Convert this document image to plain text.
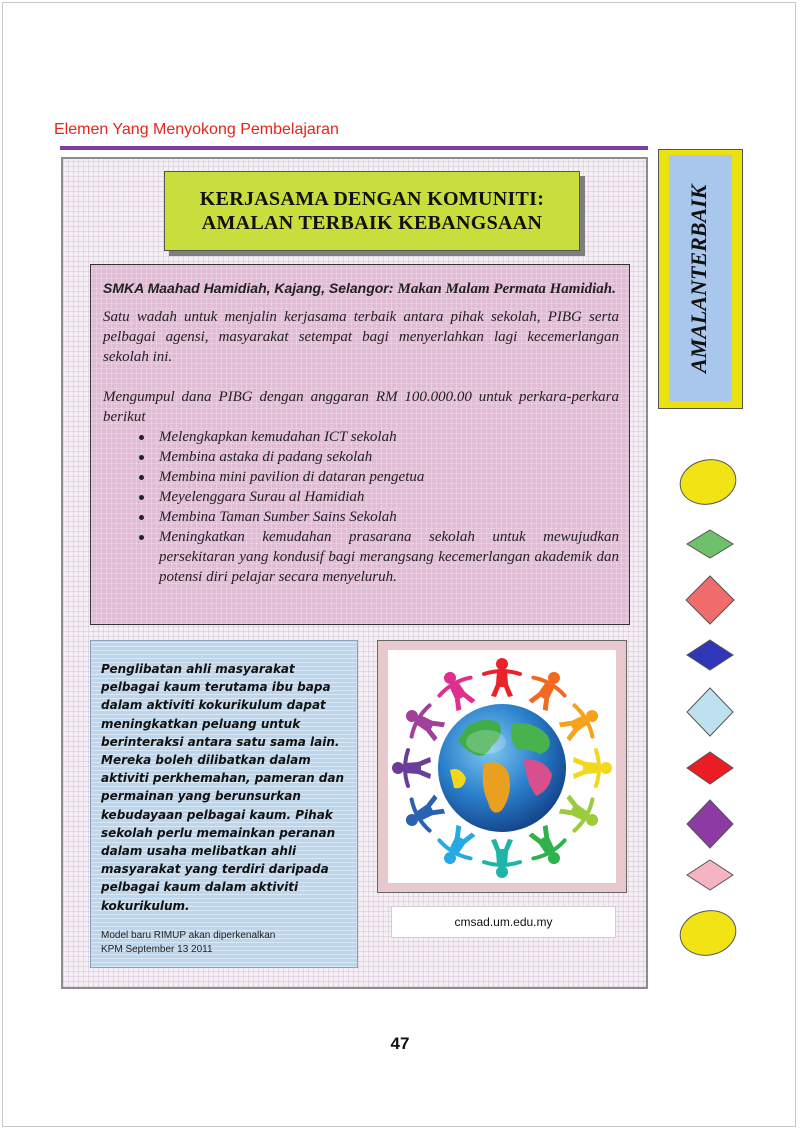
Elemen Yang Menyokong Pembelajaran
KERJASAMA DENGAN KOMUNITI:
AMALAN TERBAIK KEBANGSAAN
AMALAN
TERBAIK

SMKA Maahad Hamidiah, Kajang, Selangor: Makan Malam Permata Hamidiah.

Satu wadah untuk menjalin kerjasama terbaik antara pihak sekolah, PIBG serta pelbagai agensi, masyarakat setempat bagi menyerlahkan lagi kecemerlangan sekolah ini.

Mengumpul dana PIBG dengan anggaran RM 100.000.00 untuk perkara-perkara berikut

Melengkapkan kemudahan ICT sekolah
Membina astaka di padang sekolah
Membina mini pavilion di dataran pengetua
Meyelenggara Surau al Hamidiah
Membina Taman Sumber Sains Sekolah
Meningkatkan kemudahan prasarana sekolah untuk mewujudkan persekitaran yang kondusif bagi merangsang kecemerlangan akademik dan potensi diri pelajar secara menyeluruh.

Penglibatan ahli masyarakat pelbagai kaum terutama ibu bapa dalam aktiviti kokurikulum dapat meningkatkan peluang untuk berinteraksi antara satu sama lain. Mereka boleh dilibatkan dalam aktiviti perkhemahan, pameran dan permainan yang berunsurkan kebudayaan pelbagai kaum. Pihak sekolah perlu memainkan peranan dalam usaha melibatkan ahli masyarakat yang terdiri daripada pelbagai kaum dalam aktiviti kokurikulum.

Model baru RIMUP akan diperkenalkan
KPM September 13 2011
cmsad.um.edu.my
47
